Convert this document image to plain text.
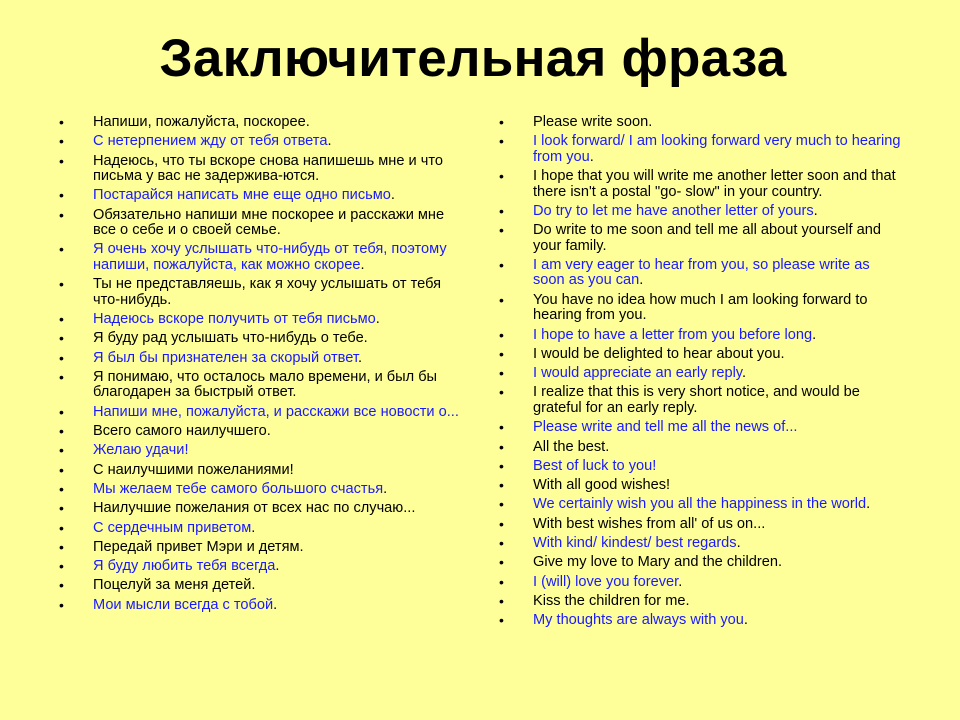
Заключительная фраза
• Напиши, пожалуйста, поскорее.
• С нетерпением жду от тебя ответа.
• Надеюсь, что ты вскоре снова напишешь мне и что письма у вас не задержива-ются.
• Постарайся написать мне еще одно письмо.
• Обязательно напиши мне поскорее и расскажи мне все о себе и о своей семье.
• Я очень хочу услышать что-нибудь от тебя, поэтому напиши, пожалуйста, как можно скорее.
• Ты не представляешь, как я хочу услышать от тебя что-нибудь.
• Надеюсь вскоре получить от тебя письмо.
• Я буду рад услышать что-нибудь о тебе.
• Я был бы признателен за скорый ответ.
• Я понимаю, что осталось мало времени, и был бы благодарен за быстрый ответ.
• Напиши мне, пожалуйста, и расскажи все новости о...
• Всего самого наилучшего.
• Желаю удачи!
• С наилучшими пожеланиями!
• Мы желаем тебе самого большого счастья.
• Наилучшие пожелания от всех нас по случаю...
• С сердечным приветом.
• Передай привет Мэри и детям.
• Я буду любить тебя всегда.
• Поцелуй за меня детей.
• Мои мысли всегда с тобой.
• Please write soon.
• I look forward/ I am looking forward very much to hearing from you.
• I hope that you will write me another letter soon and that there isn't a postal "go- slow" in your country.
• Do try to let me have another letter of yours.
• Do write to me soon and tell me all about yourself and your family.
• I am very eager to hear from you, so please write as soon as you can.
• You have no idea how much I am looking forward to hearing from you.
• I hope to have a letter from you before long.
• I would be delighted to hear about you.
• I would appreciate an early reply.
• I realize that this is very short notice, and would be grateful for an early reply.
• Please write and tell me all the news of...
• All the best.
• Best of luck to you!
• With all good wishes!
• We certainly wish you all the happiness in the world.
• With best wishes from all' of us on...
• With kind/ kindest/ best regards.
• Give my love to Mary and the children.
• I (will) love you forever.
• Kiss the children for me.
• My thoughts are always with you.
